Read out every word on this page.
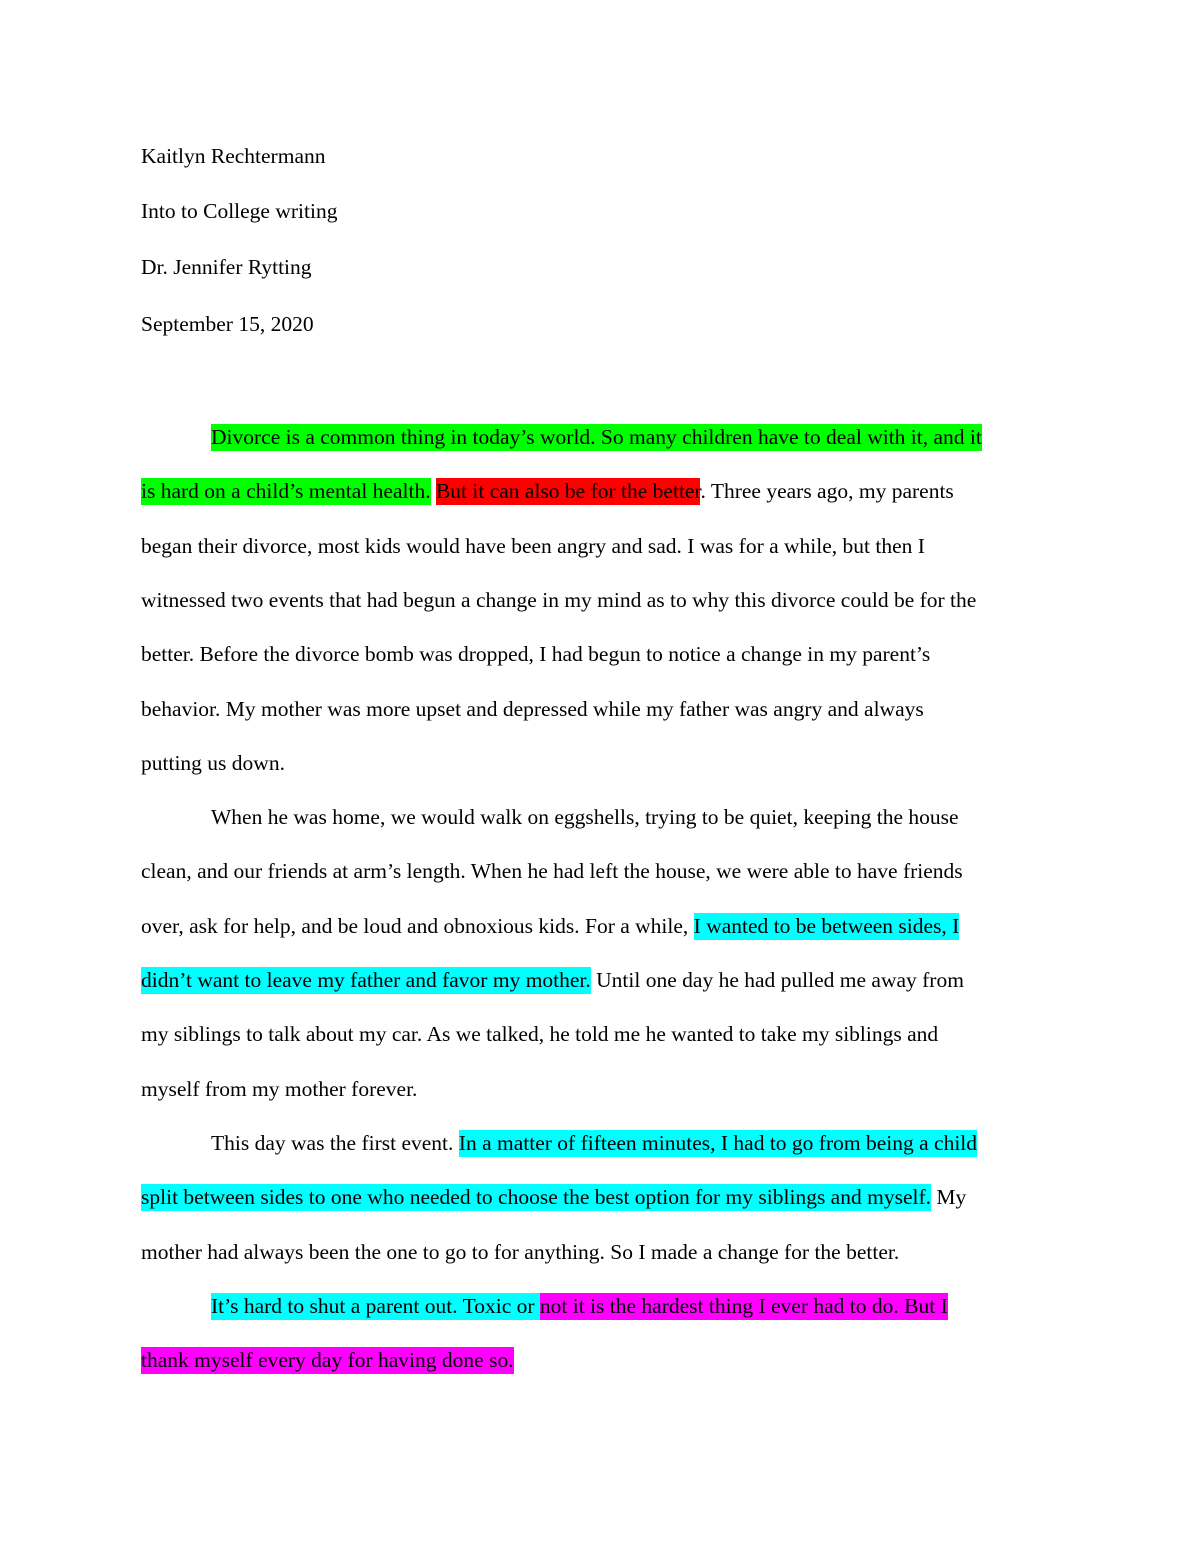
Kaitlyn Rechtermann
Into to College writing
Dr. Jennifer Rytting
September 15, 2020
Divorce is a common thing in today’s world. So many children have to deal with it, and it
is hard on a child’s mental health. But it can also be for the better. Three years ago, my parents
began their divorce, most kids would have been angry and sad. I was for a while, but then I
witnessed two events that had begun a change in my mind as to why this divorce could be for the
better. Before the divorce bomb was dropped, I had begun to notice a change in my parent’s
behavior. My mother was more upset and depressed while my father was angry and always
putting us down.
When he was home, we would walk on eggshells, trying to be quiet, keeping the house
clean, and our friends at arm’s length. When he had left the house, we were able to have friends
over, ask for help, and be loud and obnoxious kids. For a while, I wanted to be between sides, I
didn’t want to leave my father and favor my mother. Until one day he had pulled me away from
my siblings to talk about my car. As we talked, he told me he wanted to take my siblings and
myself from my mother forever.
This day was the first event. In a matter of fifteen minutes, I had to go from being a child
split between sides to one who needed to choose the best option for my siblings and myself. My
mother had always been the one to go to for anything. So I made a change for the better.
It’s hard to shut a parent out. Toxic or not it is the hardest thing I ever had to do. But I
thank myself every day for having done so.
